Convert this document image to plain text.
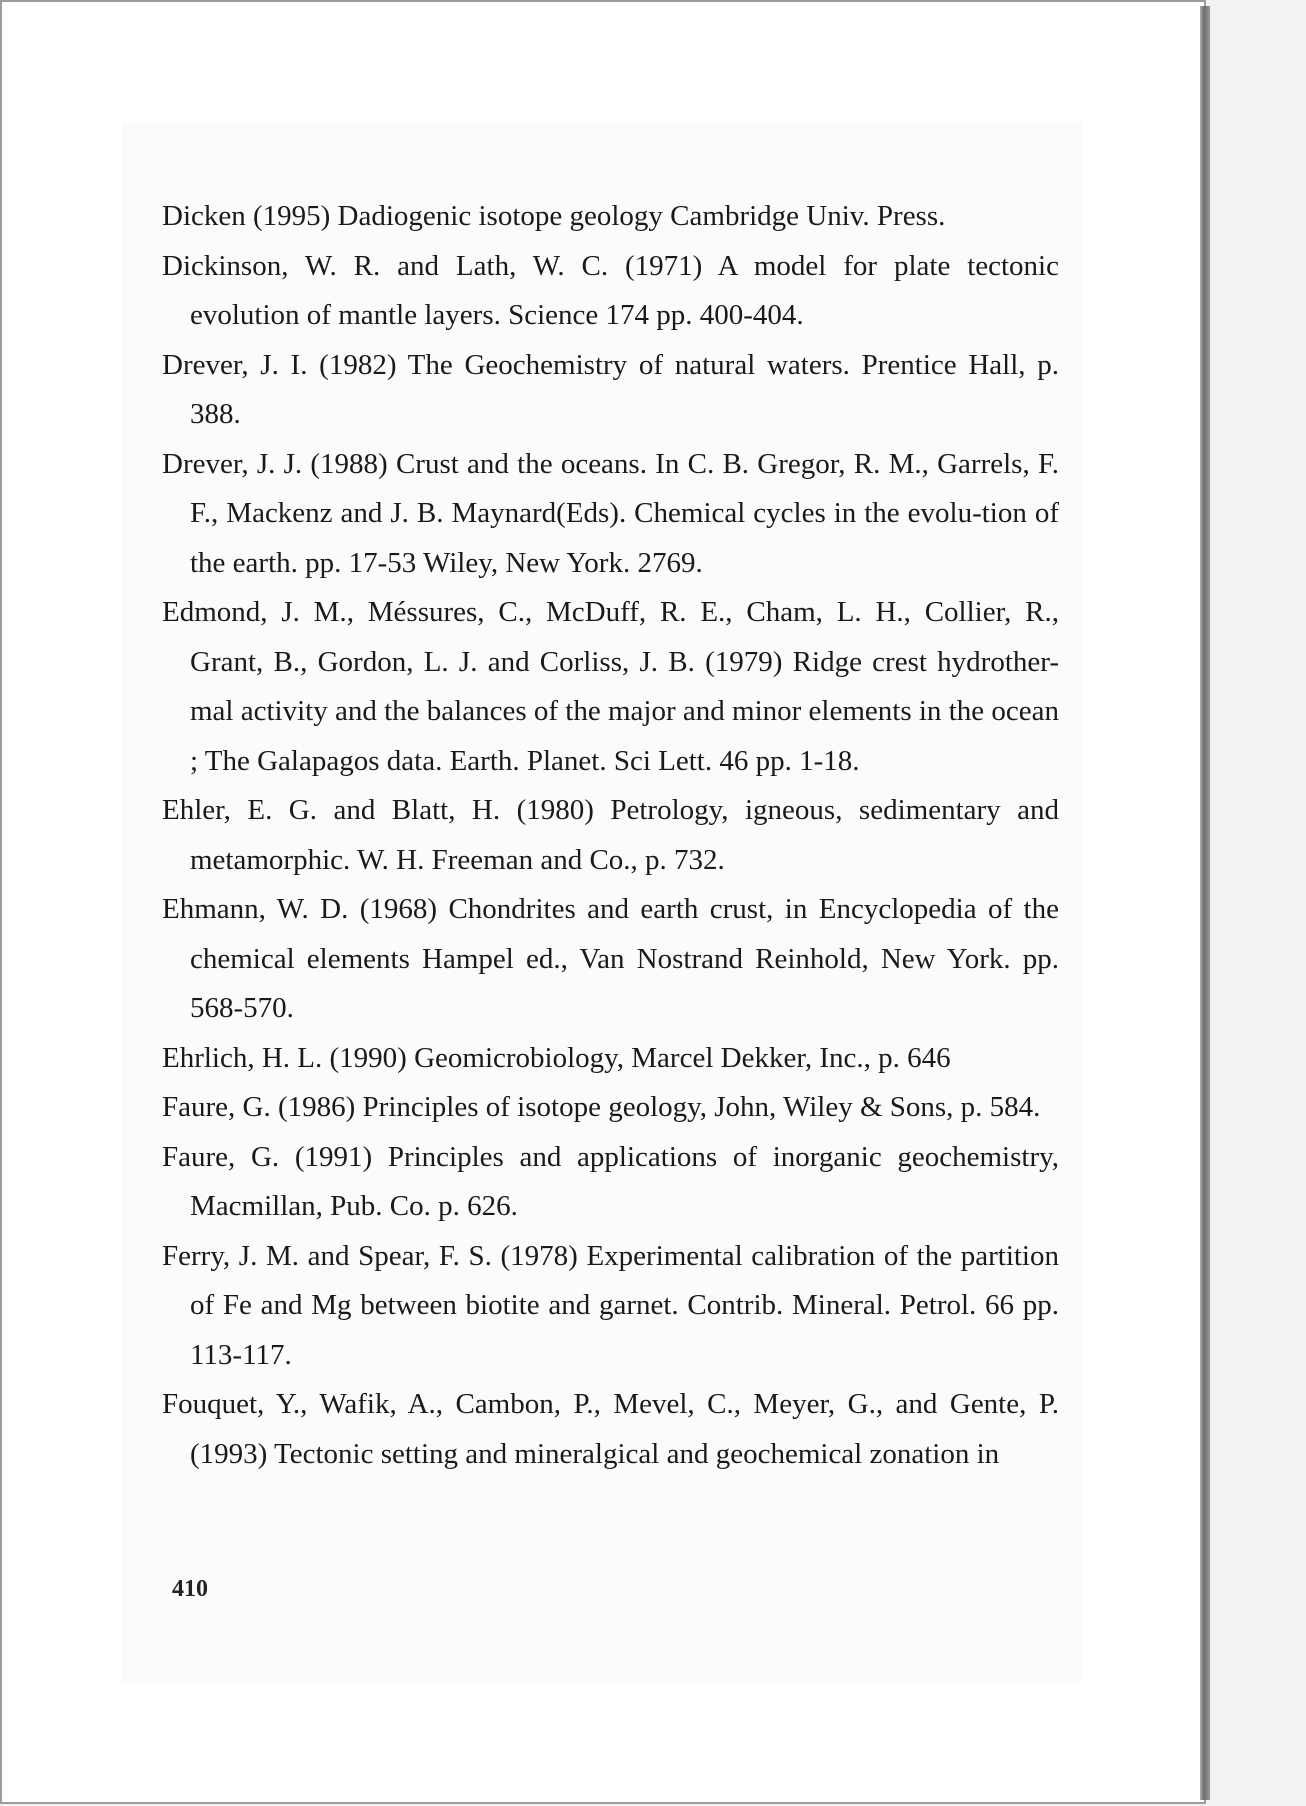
Dicken (1995) Dadiogenic isotope geology Cambridge Univ. Press.
Dickinson, W. R. and Lath, W. C. (1971) A model for plate tectonic evolution of mantle layers. Science 174 pp. 400-404.
Drever, J. I. (1982) The Geochemistry of natural waters. Prentice Hall, p. 388.
Drever, J. J. (1988) Crust and the oceans. In C. B. Gregor, R. M., Garrels, F. F., Mackenz and J. B. Maynard(Eds). Chemical cycles in the evolu-tion of the earth. pp. 17-53 Wiley, New York. 2769.
Edmond, J. M., Méssures, C., McDuff, R. E., Cham, L. H., Collier, R., Grant, B., Gordon, L. J. and Corliss, J. B. (1979) Ridge crest hydrother-mal activity and the balances of the major and minor elements in the ocean ; The Galapagos data. Earth. Planet. Sci Lett. 46 pp. 1-18.
Ehler, E. G. and Blatt, H. (1980) Petrology, igneous, sedimentary and metamorphic. W. H. Freeman and Co., p. 732.
Ehmann, W. D. (1968) Chondrites and earth crust, in Encyclopedia of the chemical elements Hampel ed., Van Nostrand Reinhold, New York. pp. 568-570.
Ehrlich, H. L. (1990) Geomicrobiology, Marcel Dekker, Inc., p. 646
Faure, G. (1986) Principles of isotope geology, John, Wiley & Sons, p. 584.
Faure, G. (1991) Principles and applications of inorganic geochemistry, Macmillan, Pub. Co. p. 626.
Ferry, J. M. and Spear, F. S. (1978) Experimental calibration of the partition of Fe and Mg between biotite and garnet. Contrib. Mineral. Petrol. 66 pp. 113-117.
Fouquet, Y., Wafik, A., Cambon, P., Mevel, C., Meyer, G., and Gente, P. (1993) Tectonic setting and mineralgical and geochemical zonation in
410
